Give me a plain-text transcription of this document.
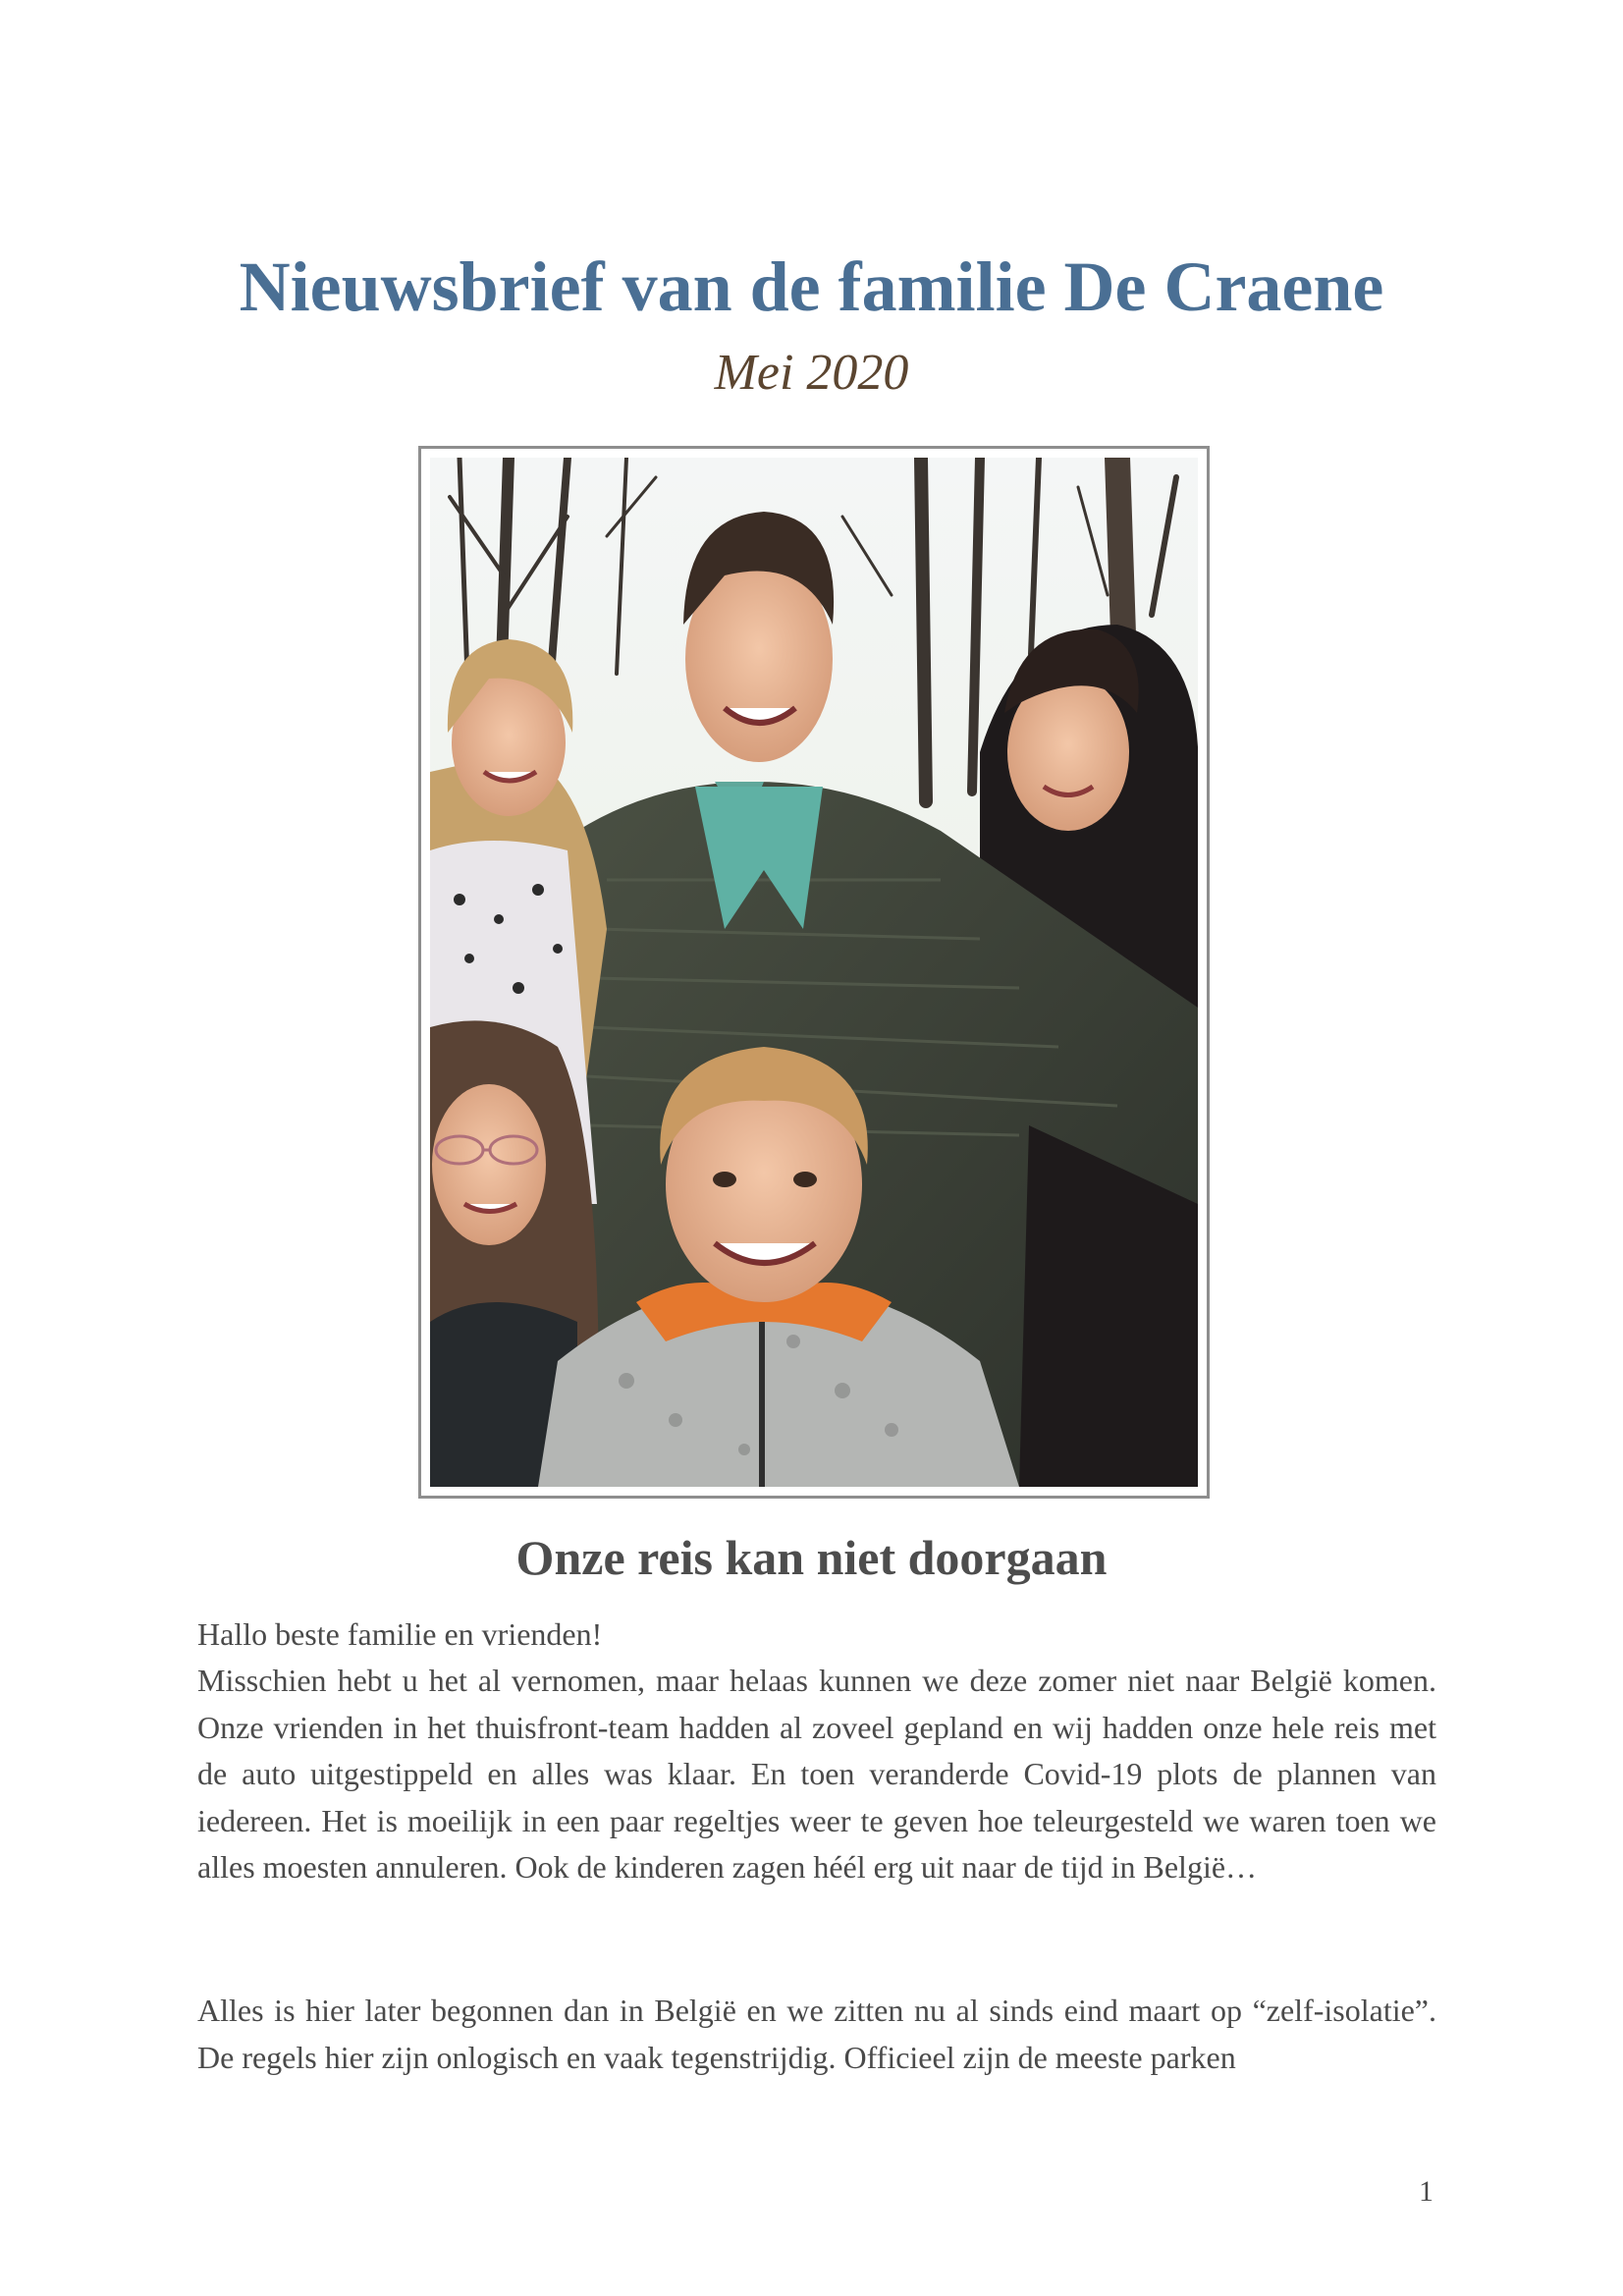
Nieuwsbrief van de familie De Craene
Mei 2020
Onze reis kan niet doorgaan

Hallo beste familie en vrienden!

Misschien hebt u het al vernomen, maar helaas kunnen we deze zomer niet naar België komen. Onze vrienden in het thuisfront-team hadden al zoveel gepland en wij hadden onze hele reis met de auto uitgestippeld en alles was klaar. En toen veranderde Covid-19 plots de plannen van iedereen. Het is moeilijk in een paar regeltjes weer te geven hoe teleurgesteld we waren toen we alles moesten annuleren. Ook de kinderen zagen héél erg uit naar de tijd in België…

Alles is hier later begonnen dan in België en we zitten nu al sinds eind maart op “zelf-isolatie”. De regels hier zijn onlogisch en vaak tegenstrijdig. Officieel zijn de meeste parken

1
